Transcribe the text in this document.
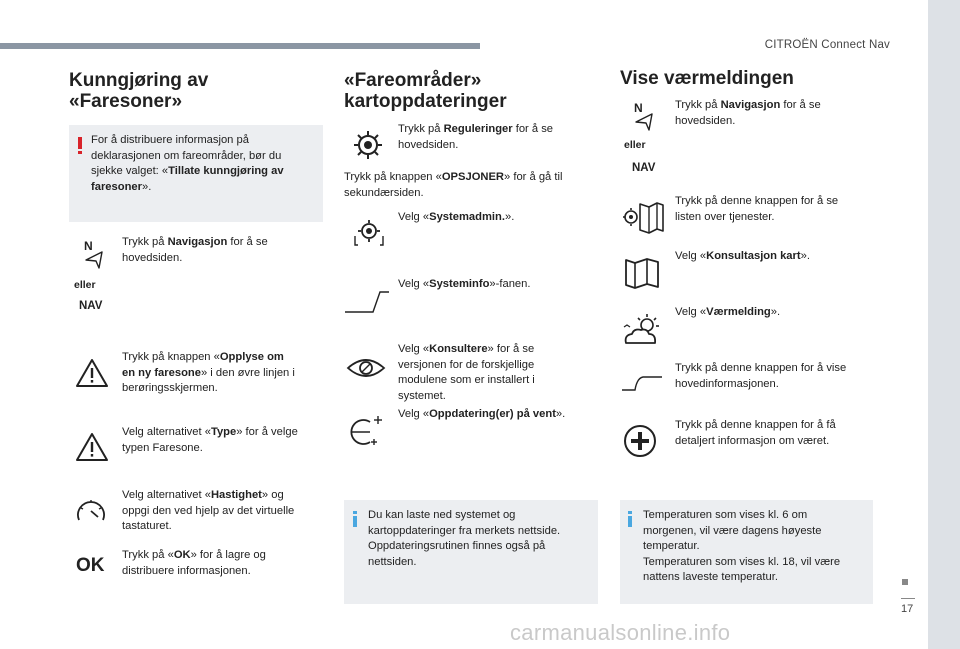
CITROËN Connect Nav
17
carmanualsonline.info
Kunngjøring av
«Faresoner»
For å distribuere informasjon på
deklarasjonen om fareområder, bør du
sjekke valget: «Tillate kunngjøring av
faresoner».
N
eller
NAV
Trykk på Navigasjon for å se
hovedsiden.
Trykk på knappen «Opplyse om
en ny faresone» i den øvre linjen i
berøringsskjermen.
Velg alternativet «Type» for å velge
typen Faresone.
Velg alternativet «Hastighet» og
oppgi den ved hjelp av det virtuelle
tastaturet.
OK Trykk på «OK» for å lagre og
distribuere informasjonen.
«Fareområder»
kartoppdateringer
Trykk på Reguleringer for å se
hovedsiden.
Trykk på knappen «OPSJONER» for å gå til
sekundærsiden.
Velg «Systemadmin.».
Velg «Systeminfo»-fanen.
Velg «Konsultere» for å se
versjonen for de forskjellige
modulene som er installert i
systemet.
Velg «Oppdatering(er) på vent».
Du kan laste ned systemet og
kartoppdateringer fra merkets nettside.
Oppdateringsrutinen finnes også på
nettsiden.
Vise værmeldingen
N
eller
NAV
Trykk på Navigasjon for å se
hovedsiden.
Trykk på denne knappen for å se
listen over tjenester.
Velg «Konsultasjon kart».
Velg «Værmelding».
Trykk på denne knappen for å vise
hovedinformasjonen.
Trykk på denne knappen for å få
detaljert informasjon om været.
Temperaturen som vises kl. 6 om
morgenen, vil være dagens høyeste
temperatur.
Temperaturen som vises kl. 18, vil være
nattens laveste temperatur.
